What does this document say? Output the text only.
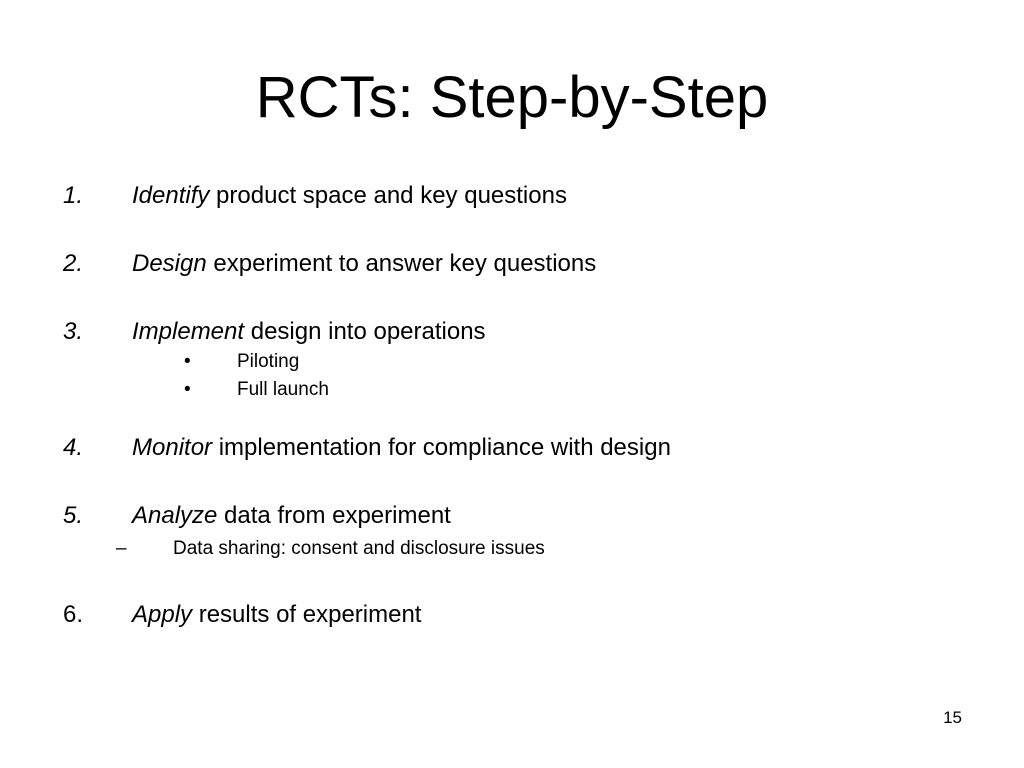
RCTs: Step-by-Step
1. Identify product space and key questions
2. Design experiment to answer key questions
3. Implement design into operations
• Piloting
• Full launch
4. Monitor implementation for compliance with design
5. Analyze data from experiment
– Data sharing: consent and disclosure issues
6. Apply results of experiment
15
